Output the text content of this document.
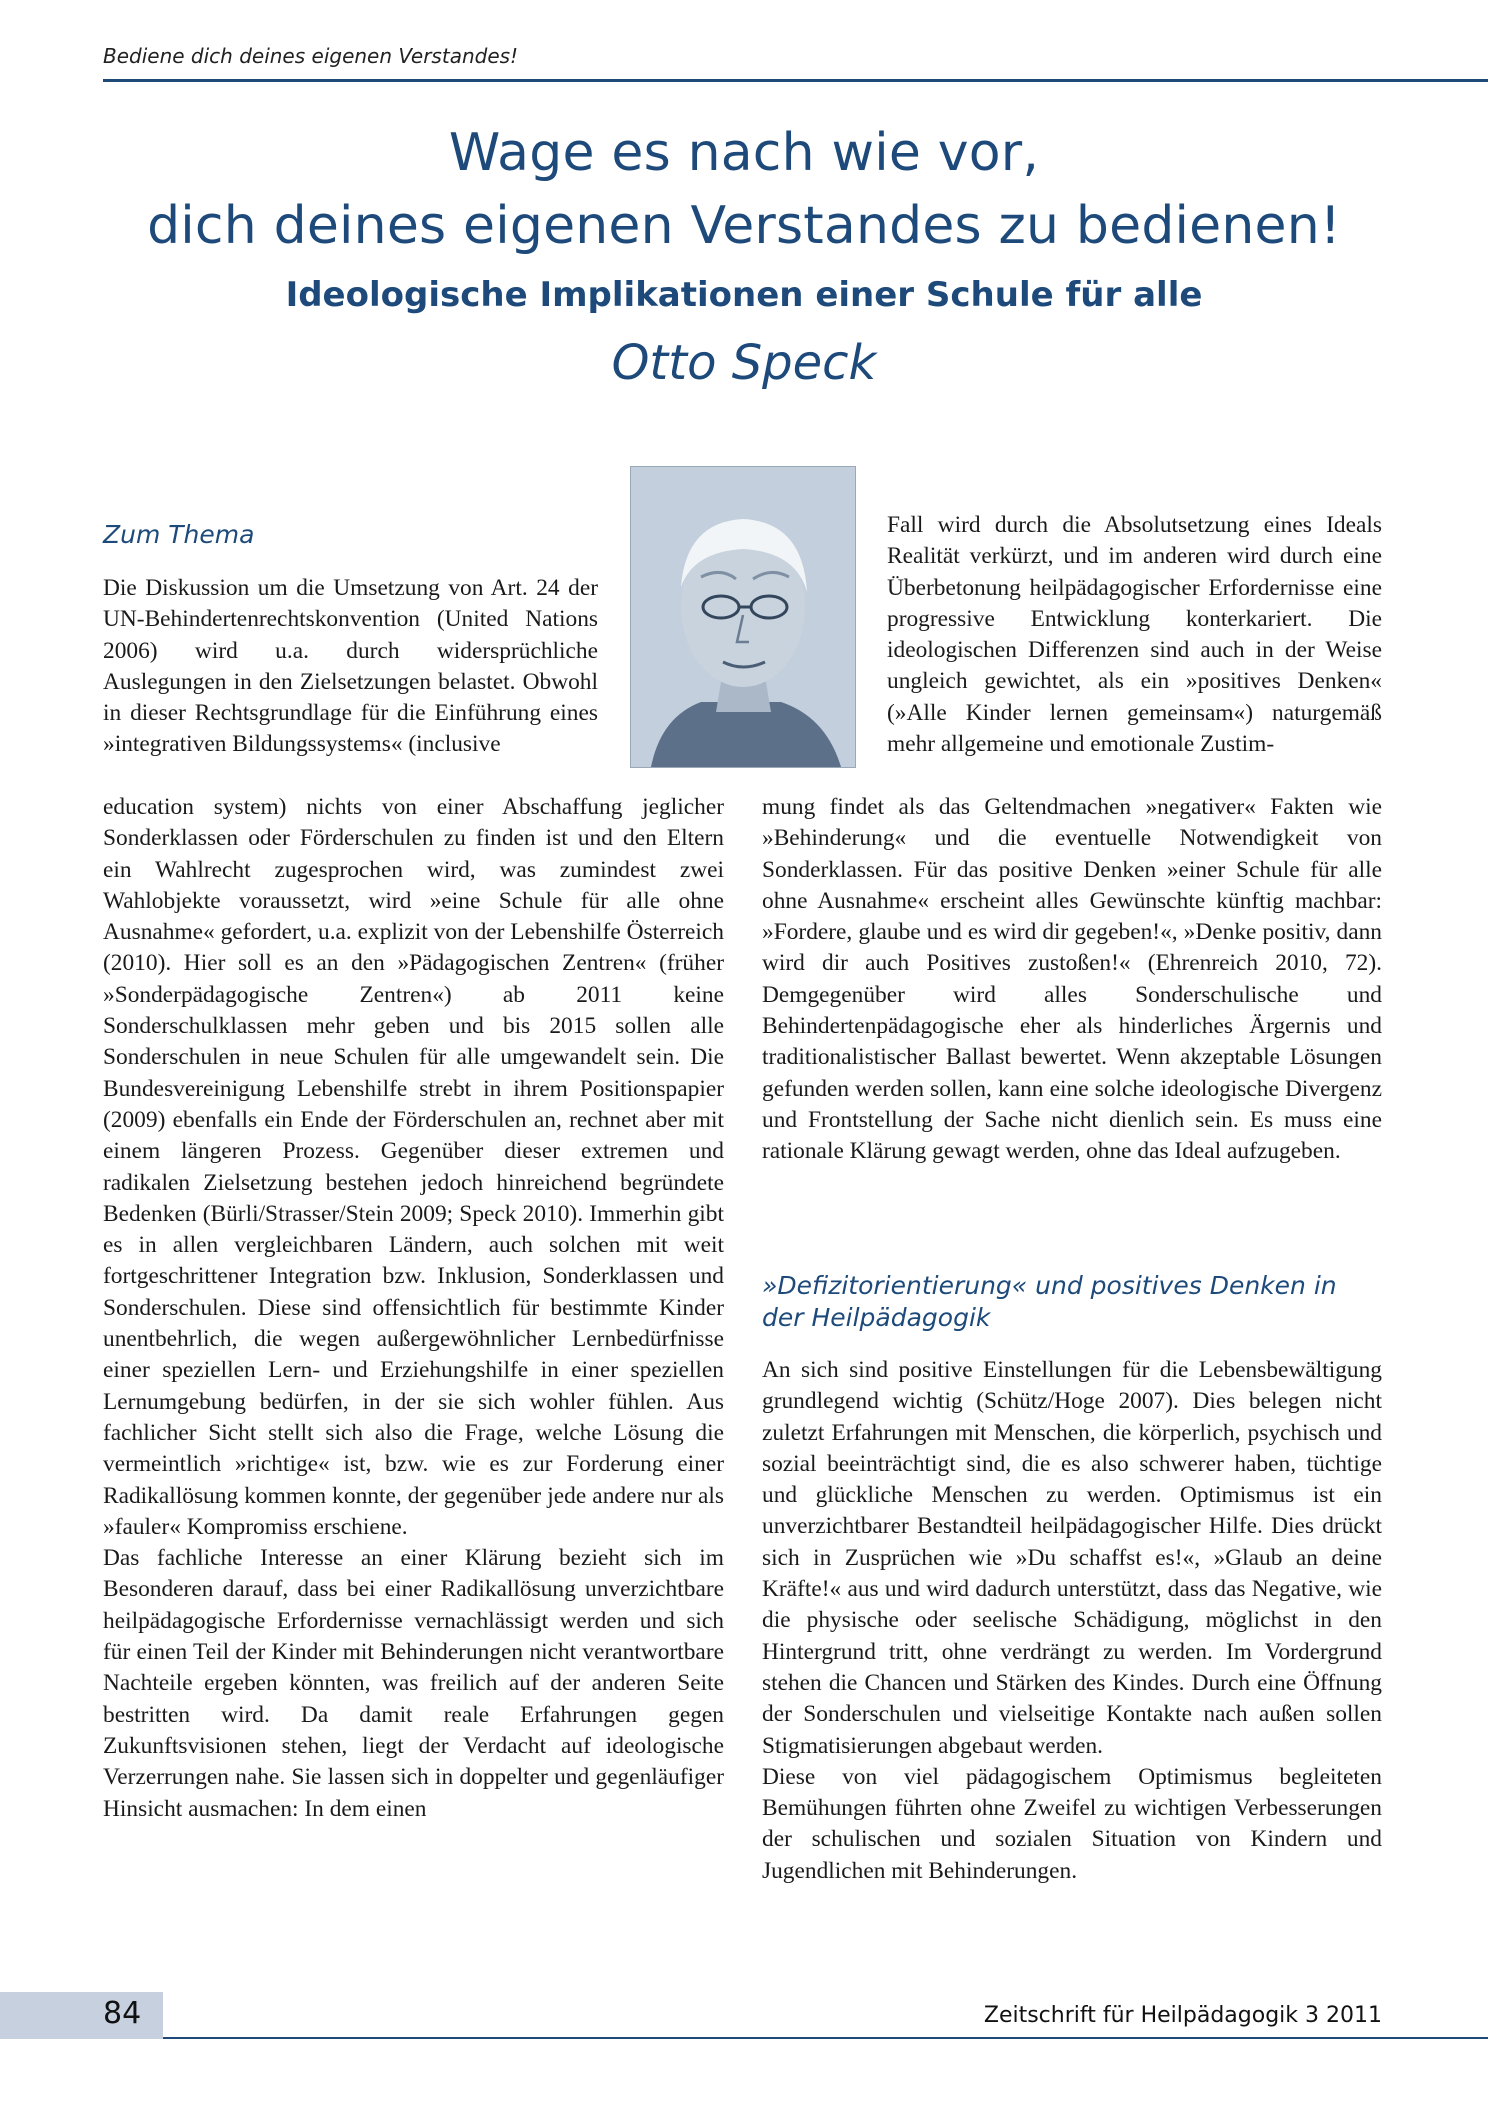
Bediene dich deines eigenen Verstandes!
Wage es nach wie vor,
dich deines eigenen Verstandes zu bedienen!
Ideologische Implikationen einer Schule für alle
Otto Speck
Zum Thema

Die Diskussion um die Umsetzung von Art. 24 der UN-Behindertenrechtskonvention (United Nations 2006) wird u.a. durch widersprüchliche Auslegungen in den Zielsetzungen belastet. Obwohl in dieser Rechtsgrundlage für die Einführung eines »integrativen Bildungssystems« (inclusive

education system) nichts von einer Abschaffung jeglicher Sonderklassen oder Förderschulen zu finden ist und den Eltern ein Wahlrecht zugesprochen wird, was zumindest zwei Wahlobjekte voraussetzt, wird »eine Schule für alle ohne Ausnahme« gefordert, u.a. explizit von der Lebenshilfe Österreich (2010). Hier soll es an den »Pädagogischen Zentren« (früher »Sonderpädagogische Zentren«) ab 2011 keine Sonderschulklassen mehr geben und bis 2015 sollen alle Sonderschulen in neue Schulen für alle umgewandelt sein. Die Bundesvereinigung Lebenshilfe strebt in ihrem Positionspapier (2009) ebenfalls ein Ende der Förderschulen an, rechnet aber mit einem längeren Prozess. Gegenüber dieser extremen und radikalen Zielsetzung bestehen jedoch hinreichend begründete Bedenken (Bürli/Strasser/Stein 2009; Speck 2010). Immerhin gibt es in allen vergleichbaren Ländern, auch solchen mit weit fortgeschrittener Integration bzw. Inklusion, Sonderklassen und Sonderschulen. Diese sind offensichtlich für bestimmte Kinder unentbehrlich, die wegen außergewöhnlicher Lernbedürfnisse einer speziellen Lern- und Erziehungshilfe in einer speziellen Lernumgebung bedürfen, in der sie sich wohler fühlen. Aus fachlicher Sicht stellt sich also die Frage, welche Lösung die vermeintlich »richtige« ist, bzw. wie es zur Forderung einer Radikallösung kommen konnte, der gegenüber jede andere nur als »fauler« Kompromiss erschiene.

Das fachliche Interesse an einer Klärung bezieht sich im Besonderen darauf, dass bei einer Radikallösung unverzichtbare heilpädagogische Erfordernisse vernachlässigt werden und sich für einen Teil der Kinder mit Behinderungen nicht verantwortbare Nachteile ergeben könnten, was freilich auf der anderen Seite bestritten wird. Da damit reale Erfahrungen gegen Zukunftsvisionen stehen, liegt der Verdacht auf ideologische Verzerrungen nahe. Sie lassen sich in doppelter und gegenläufiger Hinsicht ausmachen: In dem einen

Fall wird durch die Absolutsetzung eines Ideals Realität verkürzt, und im anderen wird durch eine Überbetonung heilpädagogischer Erfordernisse eine progressive Entwicklung konterkariert. Die ideologischen Differenzen sind auch in der Weise ungleich gewichtet, als ein »positives Denken« (»Alle Kinder lernen gemeinsam«) naturgemäß mehr allgemeine und emotionale Zustim-

mung findet als das Geltendmachen »negativer« Fakten wie »Behinderung« und die eventuelle Notwendigkeit von Sonderklassen. Für das positive Denken »einer Schule für alle ohne Ausnahme« erscheint alles Gewünschte künftig machbar: »Fordere, glaube und es wird dir gegeben!«, »Denke positiv, dann wird dir auch Positives zustoßen!« (Ehrenreich 2010, 72). Demgegenüber wird alles Sonderschulische und Behindertenpädagogische eher als hinderliches Ärgernis und traditionalistischer Ballast bewertet. Wenn akzeptable Lösungen gefunden werden sollen, kann eine solche ideologische Divergenz und Frontstellung der Sache nicht dienlich sein. Es muss eine rationale Klärung gewagt werden, ohne das Ideal aufzugeben.

»Defizitorientierung« und positives Denken in der Heilpädagogik

An sich sind positive Einstellungen für die Lebensbewältigung grundlegend wichtig (Schütz/Hoge 2007). Dies belegen nicht zuletzt Erfahrungen mit Menschen, die körperlich, psychisch und sozial beeinträchtigt sind, die es also schwerer haben, tüchtige und glückliche Menschen zu werden. Optimismus ist ein unverzichtbarer Bestandteil heilpädagogischer Hilfe. Dies drückt sich in Zusprüchen wie »Du schaffst es!«, »Glaub an deine Kräfte!« aus und wird dadurch unterstützt, dass das Negative, wie die physische oder seelische Schädigung, möglichst in den Hintergrund tritt, ohne verdrängt zu werden. Im Vordergrund stehen die Chancen und Stärken des Kindes. Durch eine Öffnung der Sonderschulen und vielseitige Kontakte nach außen sollen Stigmatisierungen abgebaut werden.

Diese von viel pädagogischem Optimismus begleiteten Bemühungen führten ohne Zweifel zu wichtigen Verbesserungen der schulischen und sozialen Situation von Kindern und Jugendlichen mit Behinderungen.

84	Zeitschrift für Heilpädagogik 3 2011
